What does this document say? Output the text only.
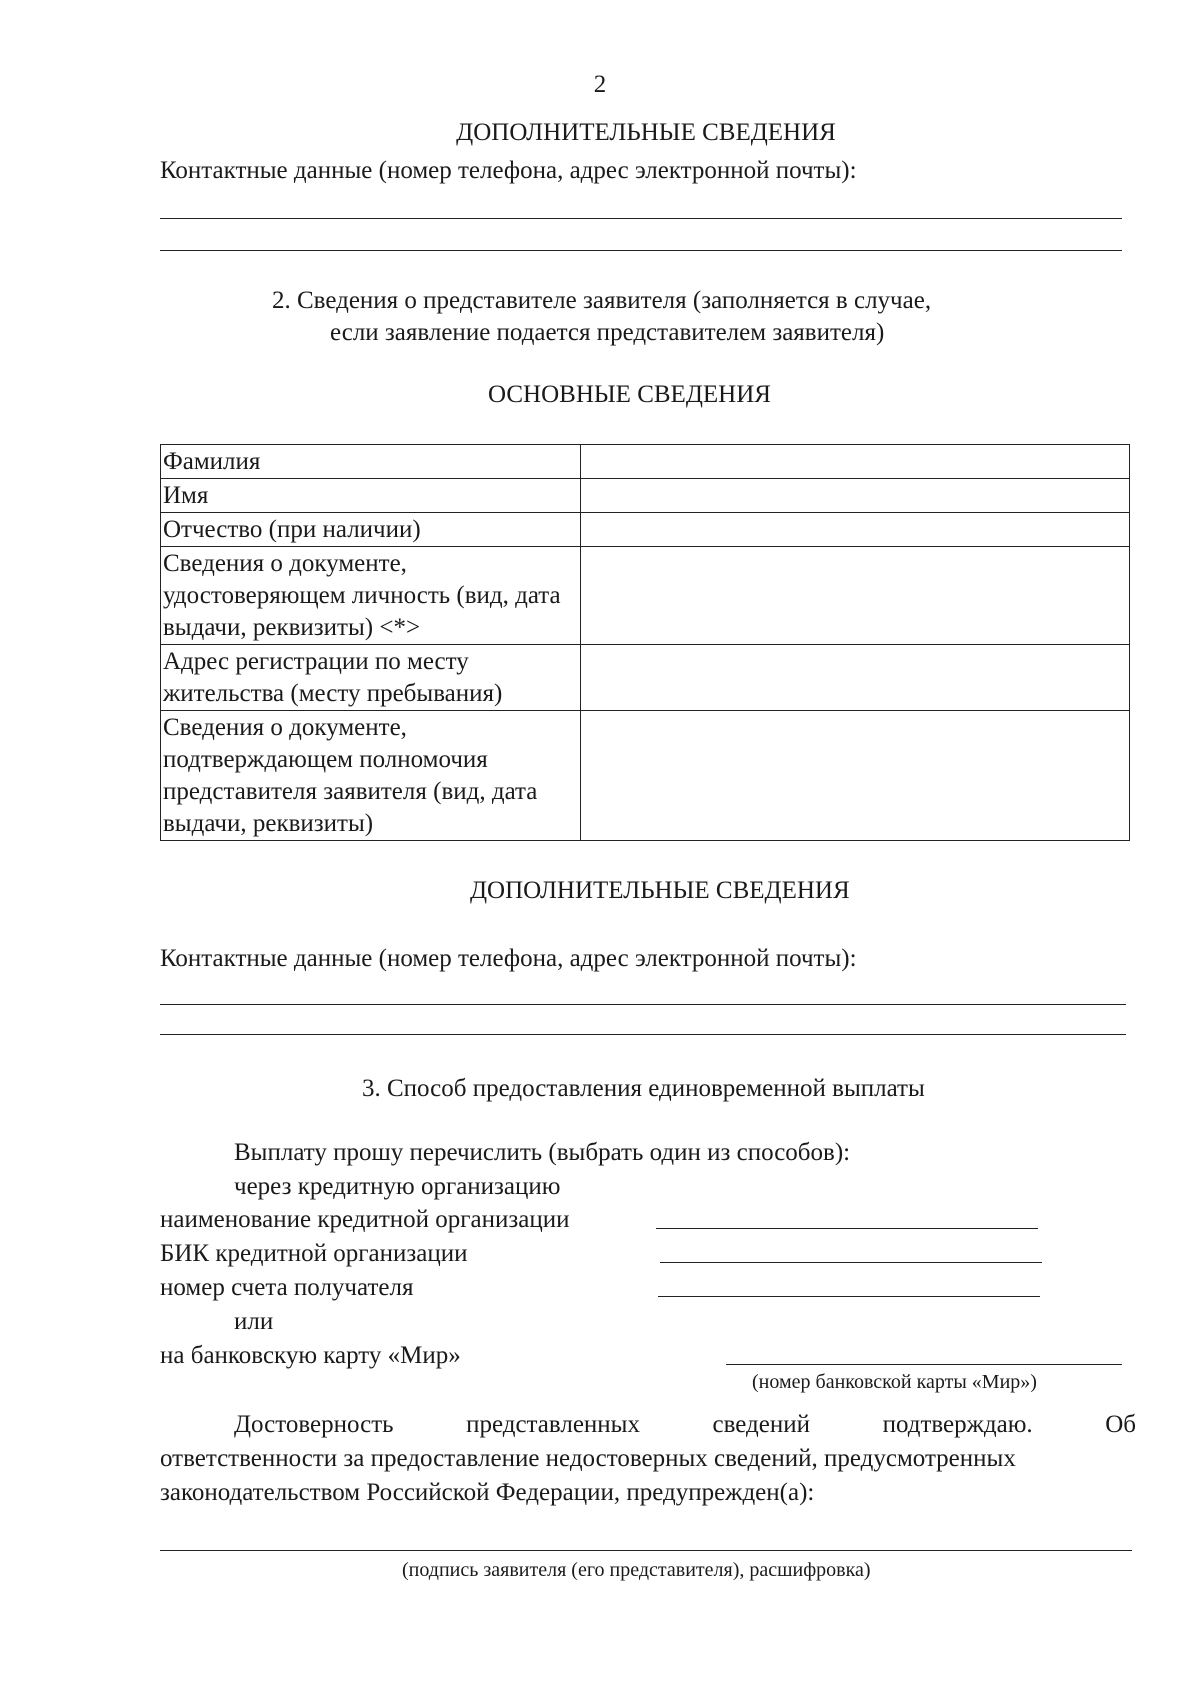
2
ДОПОЛНИТЕЛЬНЫЕ СВЕДЕНИЯ
Контактные данные (номер телефона, адрес электронной почты):
2. Сведения о представителе заявителя (заполняется в случае,
если заявление подается представителем заявителя)
ОСНОВНЫЕ СВЕДЕНИЯ
Фамилия	
Имя	
Отчество (при наличии)	
Сведения о документе, удостоверяющем личность (вид, дата выдачи, реквизиты) <*>	
Адрес регистрации по месту жительства (месту пребывания)	
Сведения о документе, подтверждающем полномочия представителя заявителя (вид, дата выдачи, реквизиты)	
ДОПОЛНИТЕЛЬНЫЕ СВЕДЕНИЯ
Контактные данные (номер телефона, адрес электронной почты):
3. Способ предоставления единовременной выплаты
Выплату прошу перечислить (выбрать один из способов):
через кредитную организацию
наименование кредитной организации
БИК кредитной организации
номер счета получателя
или
на банковскую карту «Мир»
(номер банковской карты «Мир»)
Достоверность	представленных	сведений	подтверждаю.	Об
ответственности за предоставление недостоверных сведений, предусмотренных
законодательством Российской Федерации, предупрежден(а):
(подпись заявителя (его представителя), расшифровка)
